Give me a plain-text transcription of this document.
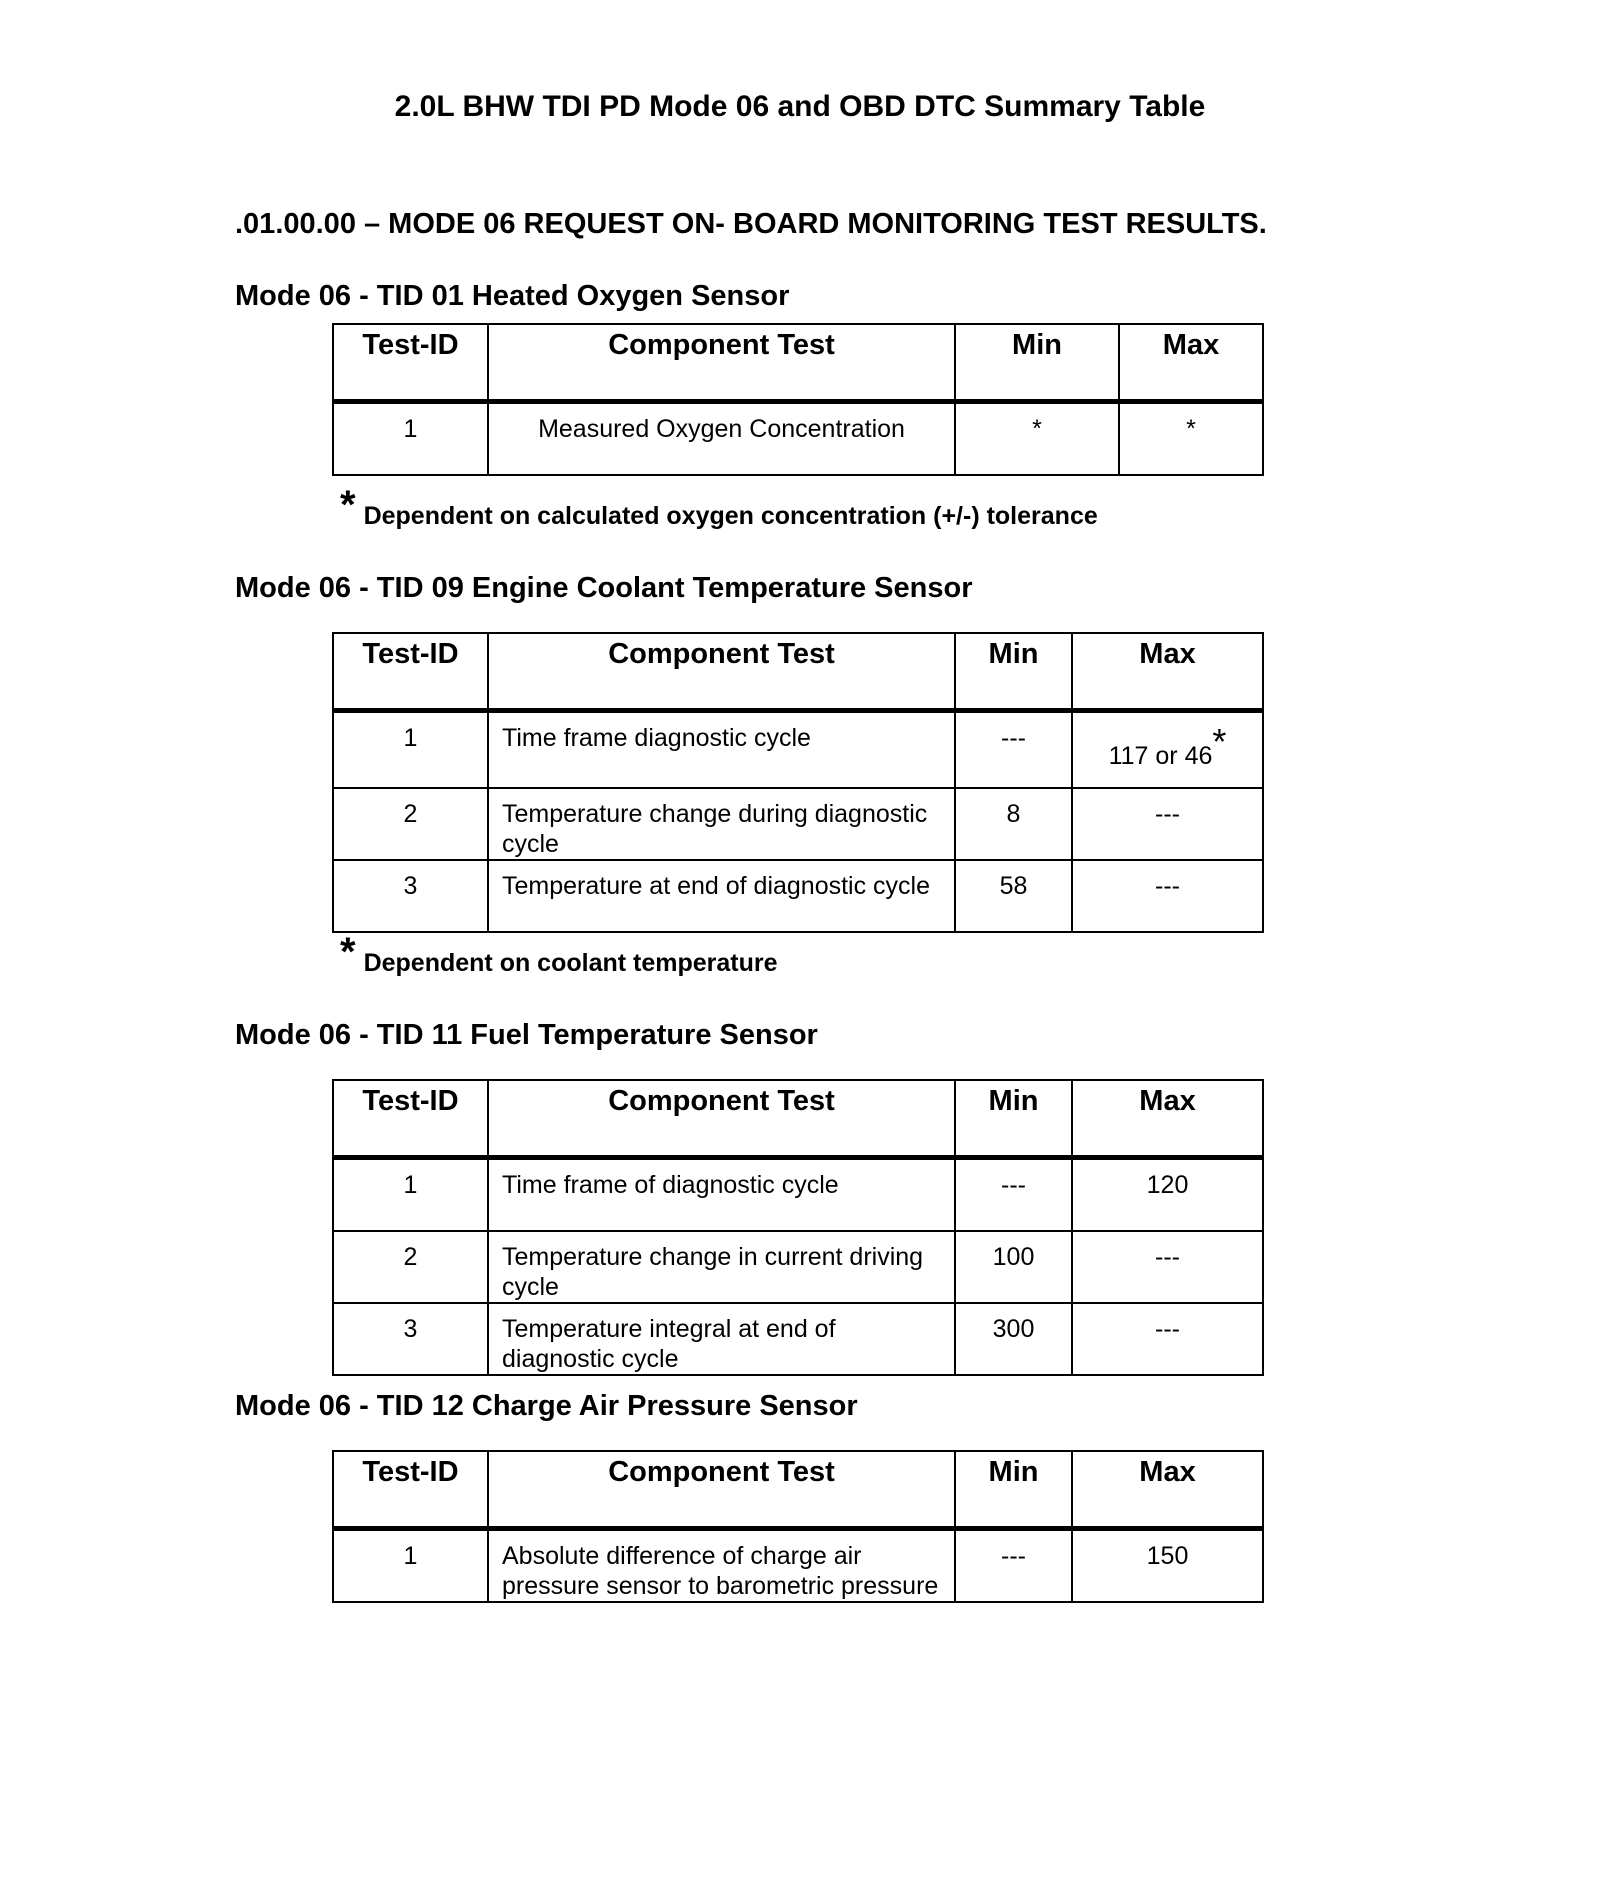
2.0L BHW TDI PD Mode 06 and OBD DTC Summary Table
.01.00.00 – MODE 06 REQUEST ON- BOARD MONITORING TEST RESULTS.
Mode 06 - TID 01 Heated Oxygen Sensor
Test-ID	Component Test	Min	Max
1	Measured Oxygen Concentration	*	*
* Dependent on calculated oxygen concentration (+/-) tolerance
Mode 06 - TID 09 Engine Coolant Temperature Sensor
Test-ID	Component Test	Min	Max
1	Time frame diagnostic cycle	---	117 or 46*
2	Temperature change during diagnostic cycle	8	---
3	Temperature at end of diagnostic cycle	58	---
* Dependent on coolant temperature
Mode 06 - TID 11 Fuel Temperature Sensor
Test-ID	Component Test	Min	Max
1	Time frame of diagnostic cycle	---	120
2	Temperature change in current driving cycle	100	---
3	Temperature integral at end of diagnostic cycle	300	---
Mode 06 - TID 12 Charge Air Pressure Sensor
Test-ID	Component Test	Min	Max
1	Absolute difference of charge air pressure sensor to barometric pressure	---	150
